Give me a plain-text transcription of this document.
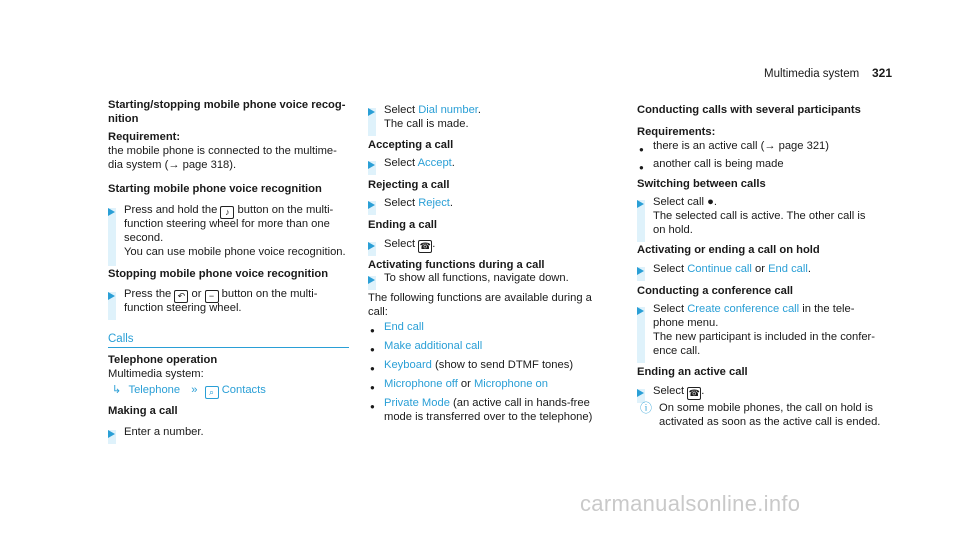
Multimedia system 321
Starting/stopping mobile phone voice recog-
nition
Requirement:
the mobile phone is connected to the multime-
dia system (→ page 318).
Starting mobile phone voice recognition
Press and hold the ♪ button on the multi-
function steering wheel for more than one
second.
You can use mobile phone voice recognition.
Stopping mobile phone voice recognition
Press the ↶ or − button on the multi-
function steering wheel.
Calls
Telephone operation
Multimedia system:
↳ Telephone » ⌕ Contacts
Making a call
Enter a number.
Select Dial number.
The call is made.
Accepting a call
Select Accept.
Rejecting a call
Select Reject.
Ending a call
Select ☎.
Activating functions during a call
To show all functions, navigate down.
The following functions are available during a
call:
● End call
● Make additional call
● Keyboard (show to send DTMF tones)
● Microphone off or Microphone on
● Private Mode (an active call in hands-free
mode is transferred over to the telephone)
Conducting calls with several participants
Requirements:
● there is an active call (→ page 321)
● another call is being made
Switching between calls
Select call ●.
The selected call is active. The other call is
on hold.
Activating or ending a call on hold
Select Continue call or End call.
Conducting a conference call
Select Create conference call in the tele-
phone menu.
The new participant is included in the confer-
ence call.
Ending an active call
Select ☎.
ⓘ On some mobile phones, the call on hold is
activated as soon as the active call is ended.
carmanualsonline.info
